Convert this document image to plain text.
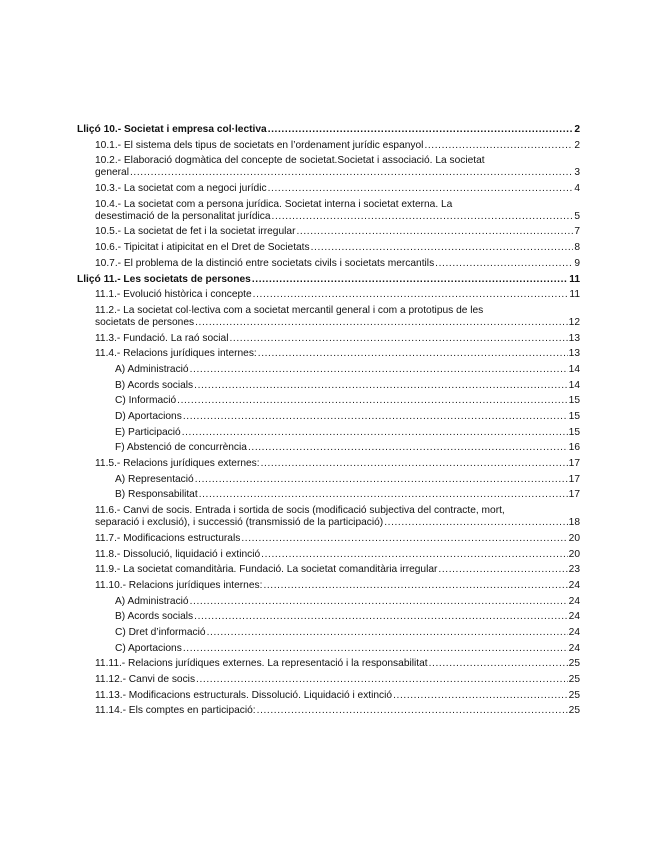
Lliçó 10.- Societat i empresa col·lectiva .....	2
10.1.- El sistema dels tipus de societats en l’ordenament jurídic espanyol .....	2
10.2.- Elaboració dogmàtica del concepte de societat.Societat i associació. La societat
general .....	3
10.3.- La societat com a negoci jurídic .....	4
10.4.- La societat com a persona jurídica. Societat interna i societat externa. La
desestimació de la personalitat jurídica .....	5
10.5.- La societat de fet i la societat irregular .....	7
10.6.- Tipicitat i atipicitat en el Dret de Societats .....	8
10.7.- El problema de la distinció entre societats civils i societats mercantils .....	9
Lliçó 11.- Les societats de persones .....	11
11.1.- Evolució històrica i concepte .....	11
11.2.- La societat col·lectiva com a societat mercantil general i com a prototipus de les
societats de persones .....	12
11.3.- Fundació. La raó social .....	13
11.4.- Relacions jurídiques internes: .....	13
A) Administració .....	14
B) Acords socials .....	14
C) Informació .....	15
D) Aportacions .....	15
E) Participació .....	15
F) Abstenció de concurrència .....	16
11.5.- Relacions jurídiques externes: .....	17
A) Representació .....	17
B) Responsabilitat .....	17
11.6.- Canvi de socis. Entrada i sortida de socis (modificació subjectiva del contracte, mort,
separació i exclusió), i successió (transmissió de la participació) .....	18
11.7.- Modificacions estructurals .....	20
11.8.- Dissolució, liquidació i extinció .....	20
11.9.- La societat comanditària. Fundació. La societat comanditària irregular .....	23
11.10.- Relacions jurídiques internes: .....	24
A) Administració .....	24
B) Acords socials .....	24
C) Dret d’informació .....	24
C) Aportacions .....	24
11.11.- Relacions jurídiques externes. La representació i la responsabilitat .....	25
11.12.- Canvi de socis .....	25
11.13.- Modificacions estructurals. Dissolució. Liquidació i extinció .....	25
11.14.- Els comptes en participació: .....	25
